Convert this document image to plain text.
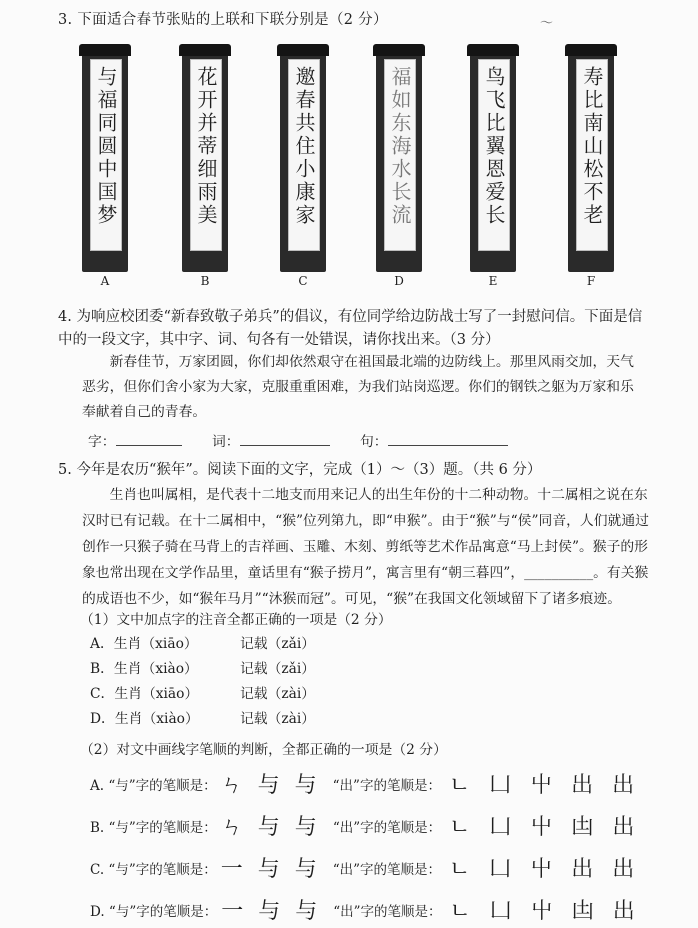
3. 下面适合春节张贴的上联和下联分别是（2 分）	～
与福同圆中国梦
A
花开并蒂细雨美
B
邀春共住小康家
C
福如东海水长流
D
鸟飞比翼恩爱长
E
寿比南山松不老
F
4. 为响应校团委“新春致敬子弟兵”的倡议，有位同学给边防战士写了一封慰问信。下面是信中的一段文字，其中字、词、句各有一处错误，请你找出来。（3 分）
新春佳节，万家团圆，你们却依然艰守在祖国最北端的边防线上。那里风雨交加，天气恶劣，但你们舍小家为大家，克服重重困难，为我们站岗巡逻。你们的钢铁之躯为万家和乐奉献着自己的青春。
字：	词：	句：
5. 今年是农历“猴年”。阅读下面的文字，完成（1）～（3）题。（共 6 分）
生肖也叫属相，是代表十二地支而用来记人的出生年份的十二种动物。十二属相之说在东汉时已有记载。在十二属相中，“猴”位列第九，即“申猴”。由于“猴”与“侯”同音，人们就通过创作一只猴子骑在马背上的吉祥画、玉雕、木刻、剪纸等艺术作品寓意“马上封侯”。猴子的形象也常出现在文学作品里，童话里有“猴子捞月”，寓言里有“朝三暮四”，__________。有关猴的成语也不少，如“猴年马月”“沐猴而冠”。可见，“猴”在我国文化领域留下了诸多痕迹。
（1）文中加点字的注音全都正确的一项是（2 分）
A．生肖（xiāo）	记载（zǎi）
B．生肖（xiào）	记载（zǎi）
C．生肖（xiāo）	记载（zài）
D．生肖（xiào）	记载（zài）
（2）对文中画线字笔顺的判断，全都正确的一项是（2 分）
A. “与”字的笔顺是： ㄣ 与 与 “出”字的笔顺是： ㄴ 凵 屮 出 出
B. “与”字的笔顺是： ㄣ 与 与 “出”字的笔顺是： ㄴ 凵 屮 凷 出
C. “与”字的笔顺是： 一 与 与 “出”字的笔顺是： ㄴ 凵 屮 出 出
D. “与”字的笔顺是： 一 与 与 “出”字的笔顺是： ㄴ 凵 屮 凷 出
